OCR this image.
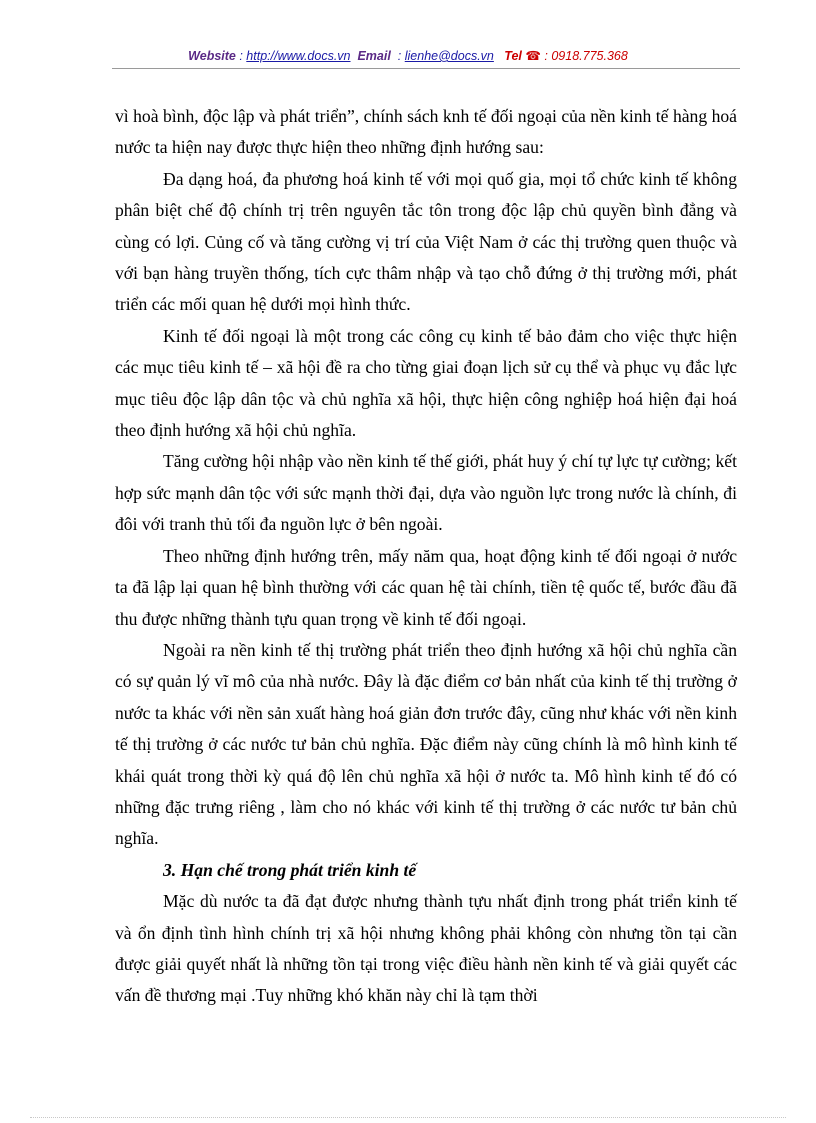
Website : http://www.docs.vn Email  : lienhe@docs.vn Tel ☎ : 0918.775.368

vì hoà bình, độc lập và phát triển”, chính sách knh tế đối ngoại của nền kinh tế hàng hoá nước ta hiện nay được thực hiện theo những định hướng sau:

Đa dạng hoá, đa phương hoá kinh tế với mọi quố gia, mọi tổ chức kinh tế không phân biệt chế độ chính trị trên nguyên tắc tôn trong độc lập chủ quyền bình đẳng và cùng có lợi. Củng cố và tăng cường vị trí của Việt Nam ở các thị trường quen thuộc và với bạn hàng truyền thống, tích cực thâm nhập và tạo chỗ đứng ở thị trường mới, phát triển các mối quan hệ dưới mọi hình thức.

Kinh tế đối ngoại là một trong các công cụ kinh tế bảo đảm cho việc thực hiện các mục tiêu kinh tế – xã hội đề ra cho từng giai đoạn lịch sử cụ thể và phục vụ đắc lực mục tiêu độc lập dân tộc và chủ nghĩa xã hội, thực hiện công nghiệp hoá hiện đại hoá theo định hướng xã hội chủ nghĩa.

Tăng cường hội nhập vào nền kinh tế thế giới, phát huy ý chí tự lực tự cường; kết hợp sức mạnh dân tộc với sức mạnh thời đại, dựa vào nguồn lực trong nước là chính, đi đôi với tranh thủ tối đa nguồn lực ở bên ngoài.

Theo những định hướng trên, mấy năm qua, hoạt động kinh tế đối ngoại ở nước ta đã lập lại quan hệ bình thường với các quan hệ tài chính, tiền tệ quốc tế, bước đầu đã thu được những thành tựu quan trọng về kinh tế đối ngoại.

Ngoài ra nền kinh tế thị trường phát triển theo định hướng xã hội chủ nghĩa cần có sự quản lý vĩ mô của nhà nước. Đây là đặc điểm cơ bản nhất của kinh tế thị trường ở nước ta khác với nền sản xuất hàng hoá giản đơn trước đây, cũng như khác với nền kinh tế thị trường ở các nước tư bản chủ nghĩa. Đặc điểm này cũng chính là mô hình kinh tế khái quát trong thời kỳ quá độ lên chủ nghĩa xã hội ở nước ta. Mô hình kinh tế đó có những đặc trưng riêng , làm cho nó khác với kinh tế thị trường ở các nước tư bản chủ nghĩa.

3. Hạn chế trong phát triển kinh tế

Mặc dù nước ta đã đạt được nhưng thành tựu nhất định trong phát triển kinh tế và ổn định tình hình chính trị xã hội nhưng không phải không còn nhưng tồn tại cần được giải quyết nhất là những tồn tại trong việc điều hành nền kinh tế và giải quyết các vấn đề thương mại .Tuy những khó khăn này chỉ là tạm thời
